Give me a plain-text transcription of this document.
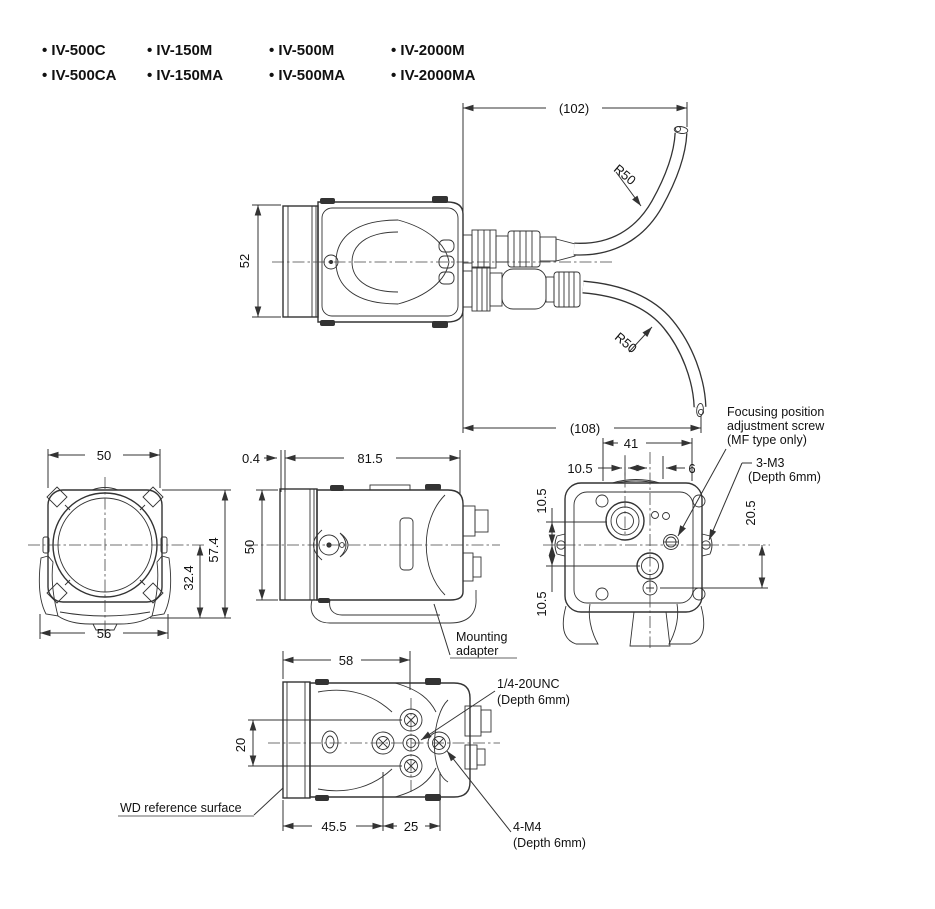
• IV-500C	• IV-150M	• IV-500M	• IV-2000M
• IV-500CA	• IV-150MA	• IV-500MA	• IV-2000MA
(102)
(108)
52
R50
R50
41
10.5	6
10.5
10.5
20.5
Focusing position
adjustment screw
(MF type only)
3-M3
(Depth 6mm)
50
56
32.4
57.4
0.4	81.5
50
Mounting
adapter
58
20
45.5	25
WD reference surface
1/4-20UNC
(Depth 6mm)
4-M4
(Depth 6mm)
